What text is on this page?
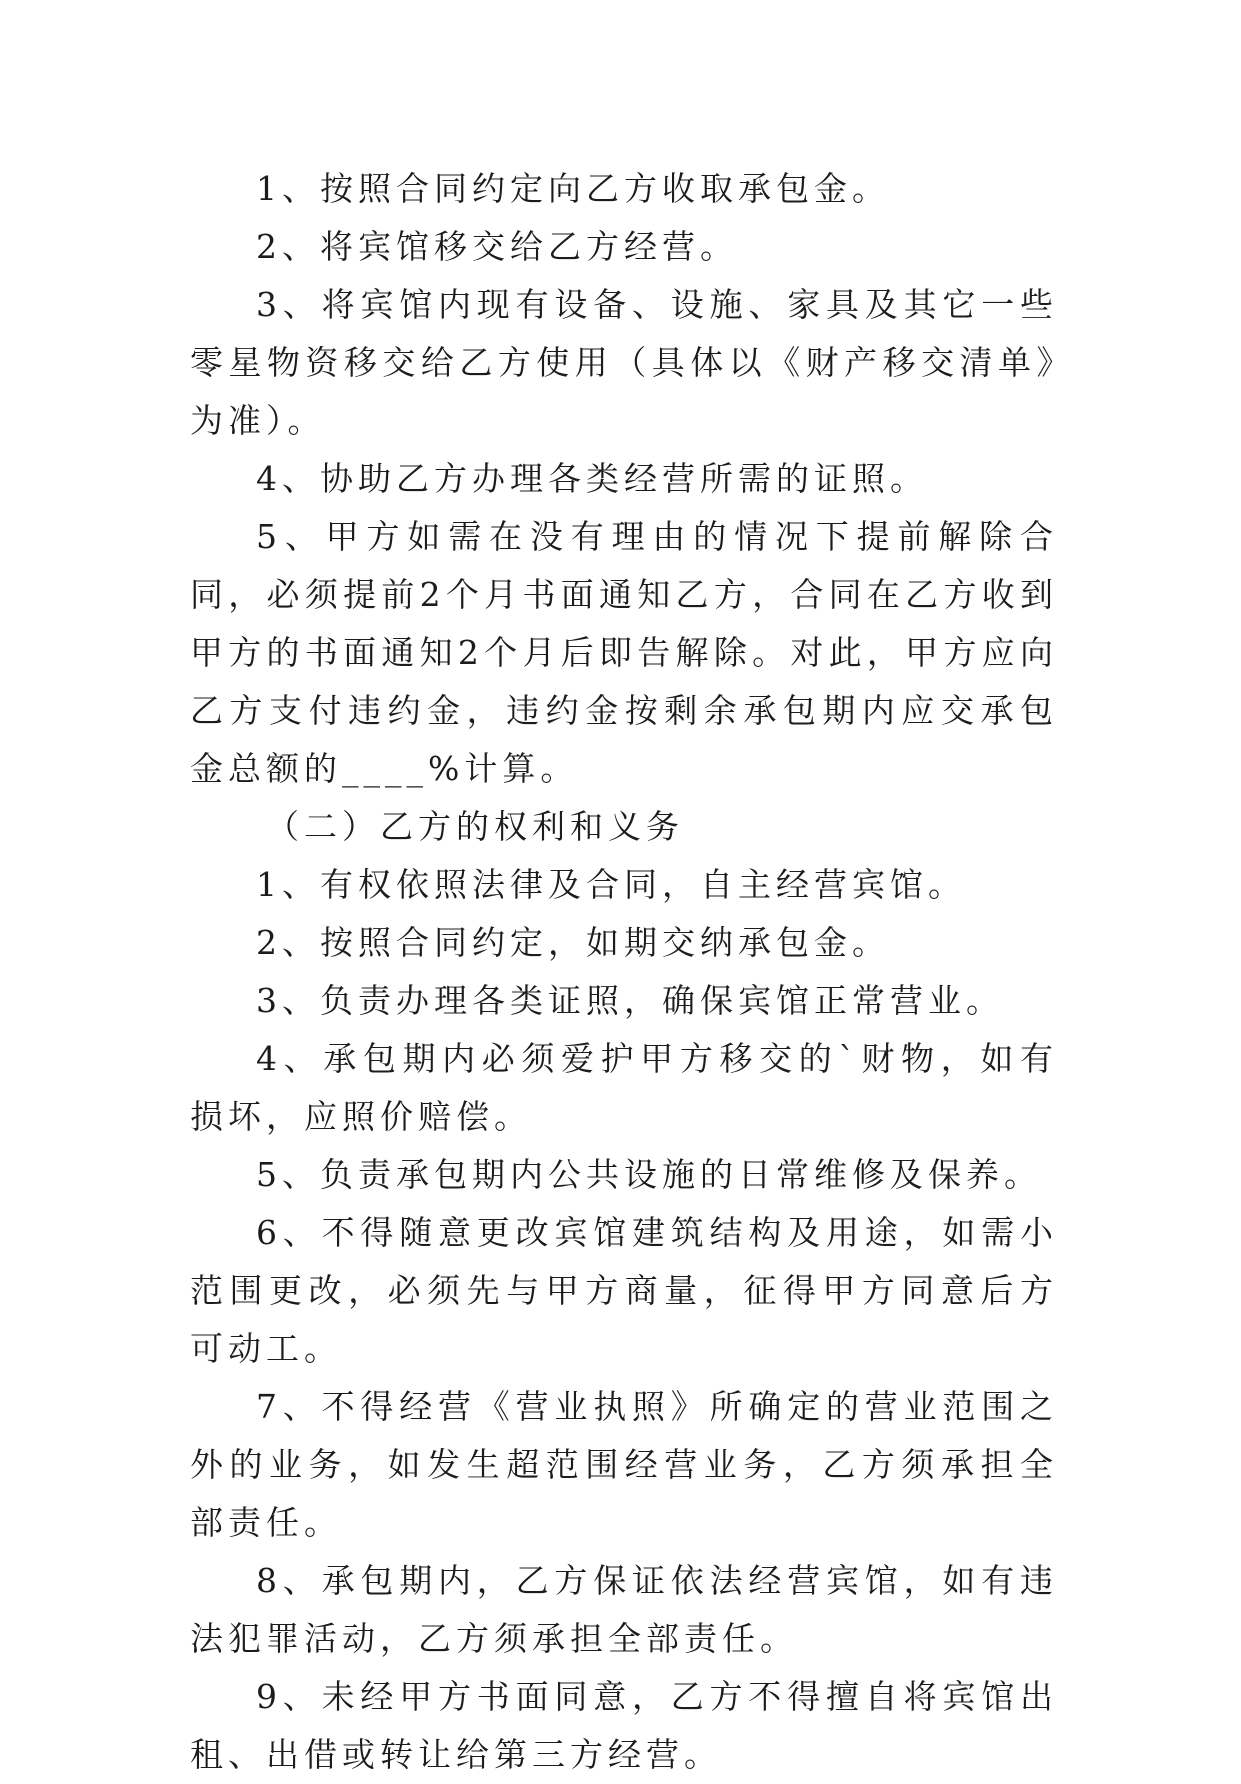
1、按照合同约定向乙方收取承包金。

2、将宾馆移交给乙方经营。

3、将宾馆内现有设备、设施、家具及其它一些零星物资移交给乙方使用（具体以《财产移交清单》为准）。

4、协助乙方办理各类经营所需的证照。

5、甲方如需在没有理由的情况下提前解除合同，必须提前2个月书面通知乙方，合同在乙方收到甲方的书面通知2个月后即告解除。对此，甲方应向乙方支付违约金，违约金按剩余承包期内应交承包金总额的____%计算。

（二）乙方的权利和义务

1、有权依照法律及合同，自主经营宾馆。

2、按照合同约定，如期交纳承包金。

3、负责办理各类证照，确保宾馆正常营业。

4、承包期内必须爱护甲方移交的`财物，如有损坏，应照价赔偿。

5、负责承包期内公共设施的日常维修及保养。

6、不得随意更改宾馆建筑结构及用途，如需小范围更改，必须先与甲方商量，征得甲方同意后方可动工。

7、不得经营《营业执照》所确定的营业范围之外的业务，如发生超范围经营业务，乙方须承担全部责任。

8、承包期内，乙方保证依法经营宾馆，如有违法犯罪活动，乙方须承担全部责任。

9、未经甲方书面同意，乙方不得擅自将宾馆出租、出借或转让给第三方经营。
